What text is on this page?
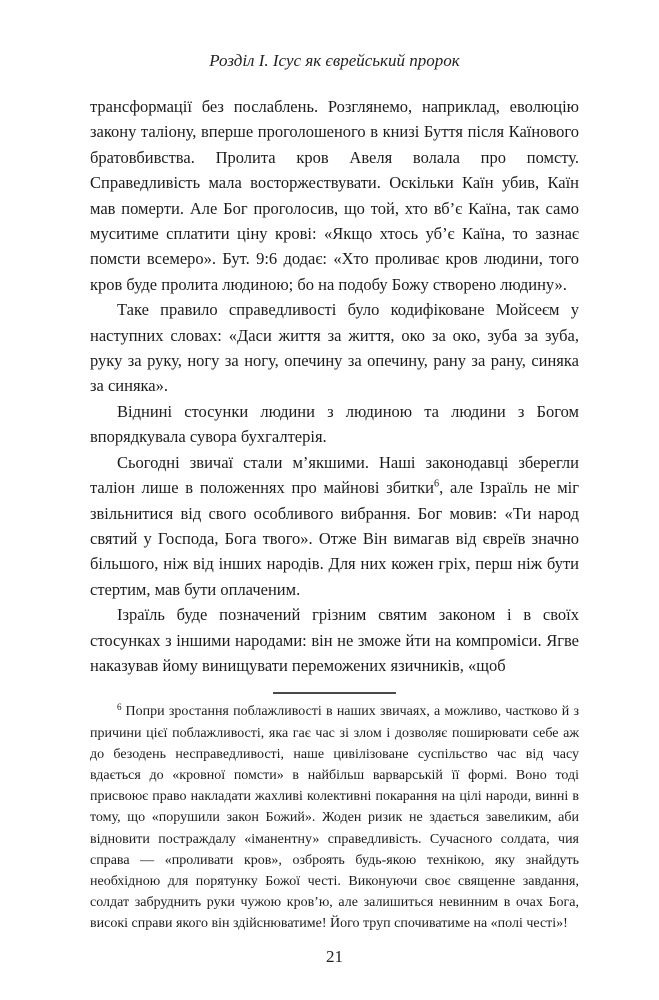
Розділ І. Ісус як єврейський пророк

трансформації без послаблень. Розглянемо, наприклад, еволюцію закону таліону, вперше проголошеного в книзі Буття після Каїнового братовбивства. Пролита кров Авеля волала про помсту. Справедливість мала восторжествувати. Оскільки Каїн убив, Каїн мав померти. Але Бог проголосив, що той, хто вб’є Каїна, так само муситиме сплатити ціну крові: «Якщо хтось уб’є Каїна, то зазнає помсти всемеро». Бут. 9:6 додає: «Хто проливає кров людини, того кров буде пролита людиною; бо на подобу Божу створено людину».

Таке правило справедливості було кодифіковане Мойсеєм у наступних словах: «Даси життя за життя, око за око, зуба за зуба, руку за руку, ногу за ногу, опечину за опечину, рану за рану, синяка за синяка».

Віднині стосунки людини з людиною та людини з Богом впорядкувала сувора бухгалтерія.

Сьогодні звичаї стали м’якшими. Наші законодавці зберегли таліон лише в положеннях про майнові збитки$^6$, але Ізраїль не міг звільнитися від свого особливого вибрання. Бог мовив: «Ти народ святий у Господа, Бога твого». Отже Він вимагав від євреїв значно більшого, ніж від інших народів. Для них кожен гріх, перш ніж бути стертим, мав бути оплаченим.

Ізраїль буде позначений грізним святим законом і в своїх стосунках з іншими народами: він не зможе йти на компроміси. Ягве наказував йому винищувати переможених язичників, «щоб

$^6$ Попри зростання поблажливості в наших звичаях, а можливо, частково й з причини цієї поблажливості, яка гає час зі злом і дозволяє поширювати себе аж до безодень несправедливості, наше цивілізоване суспільство час від часу вдається до «кровної помсти» в найбільш варварській її формі. Воно тоді присвоює право накладати жахливі колективні покарання на цілі народи, винні в тому, що «порушили закон Божий». Жоден ризик не здається завеликим, аби відновити постраждалу «іманентну» справедливість. Сучасного солдата, чия справа — «проливати кров», озброять будь-якою технікою, яку знайдуть необхідною для порятунку Божої честі. Виконуючи своє священне завдання, солдат забруднить руки чужою кров’ю, але залишиться невинним в очах Бога, високі справи якого він здійснюватиме! Його труп спочиватиме на «полі честі»!

21
